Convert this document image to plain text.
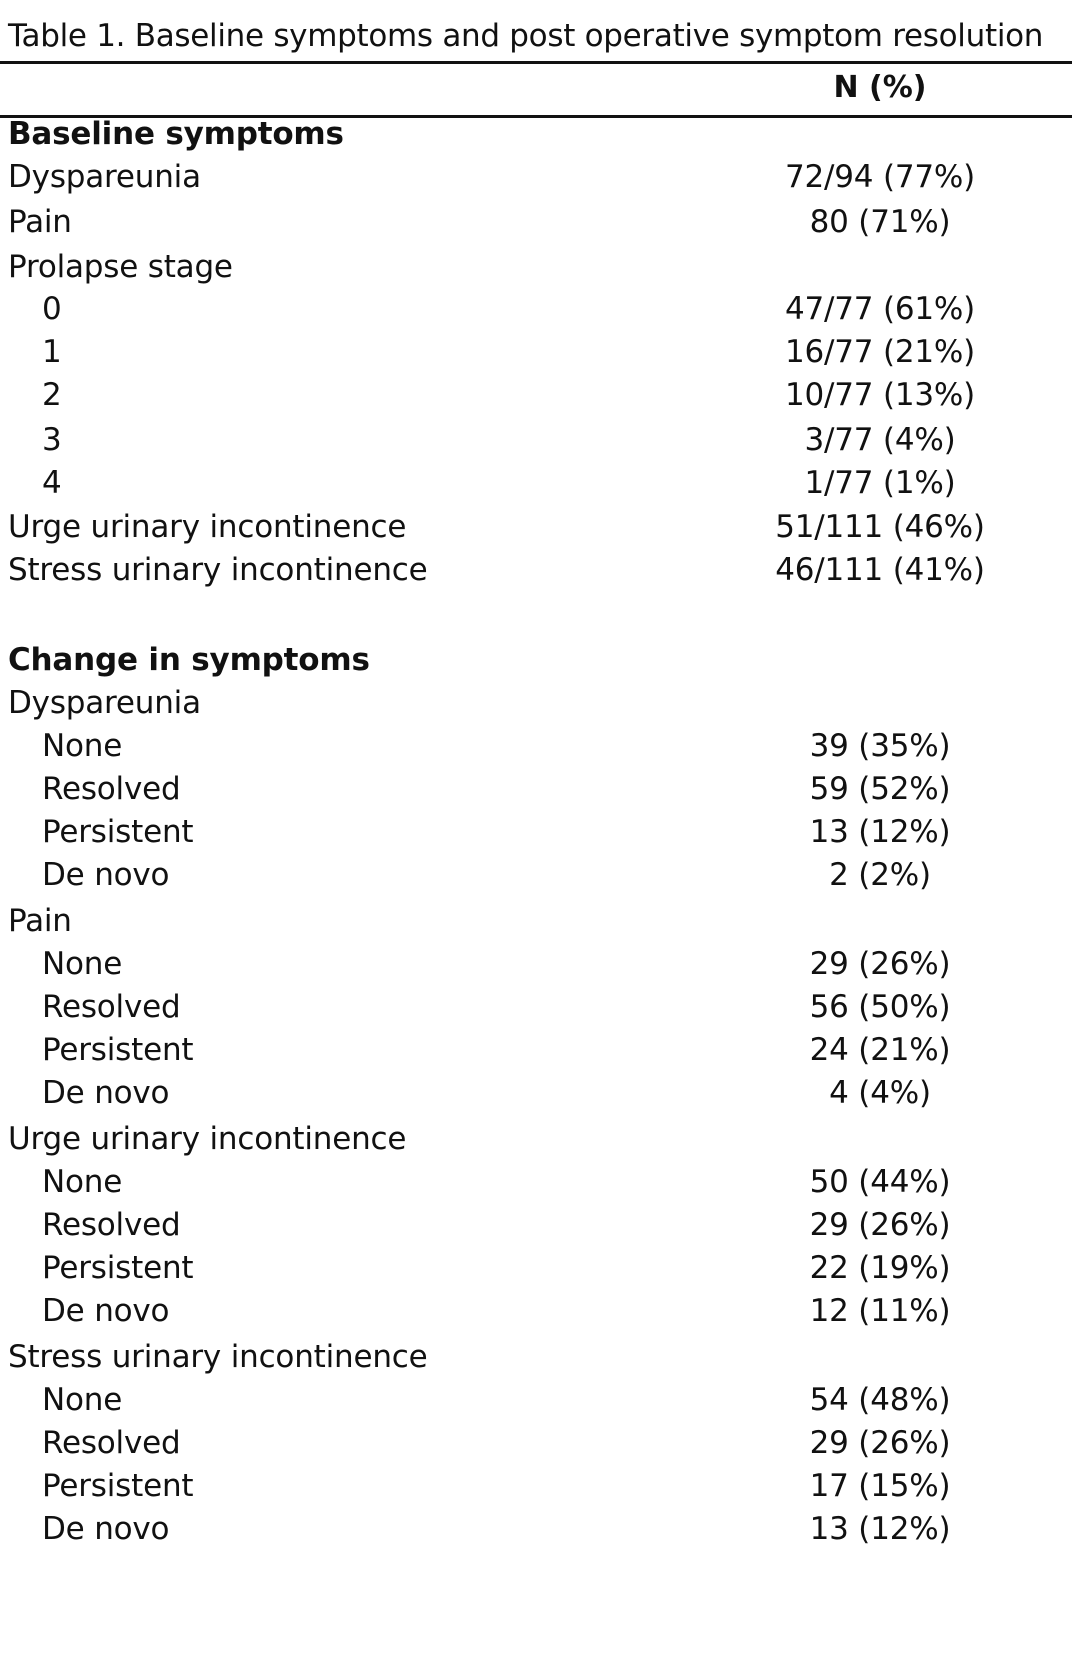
Table 1. Baseline symptoms and post operative symptom resolution
N (%)
Baseline symptoms
Dyspareunia	72/94 (77%)
Pain	80 (71%)
Prolapse stage
0	47/77 (61%)
1	16/77 (21%)
2	10/77 (13%)
3	3/77 (4%)
4	1/77 (1%)
Urge urinary incontinence	51/111 (46%)
Stress urinary incontinence	46/111 (41%)
Change in symptoms
Dyspareunia
None	39 (35%)
Resolved	59 (52%)
Persistent	13 (12%)
De novo	2 (2%)
Pain
None	29 (26%)
Resolved	56 (50%)
Persistent	24 (21%)
De novo	4 (4%)
Urge urinary incontinence
None	50 (44%)
Resolved	29 (26%)
Persistent	22 (19%)
De novo	12 (11%)
Stress urinary incontinence
None	54 (48%)
Resolved	29 (26%)
Persistent	17 (15%)
De novo	13 (12%)
